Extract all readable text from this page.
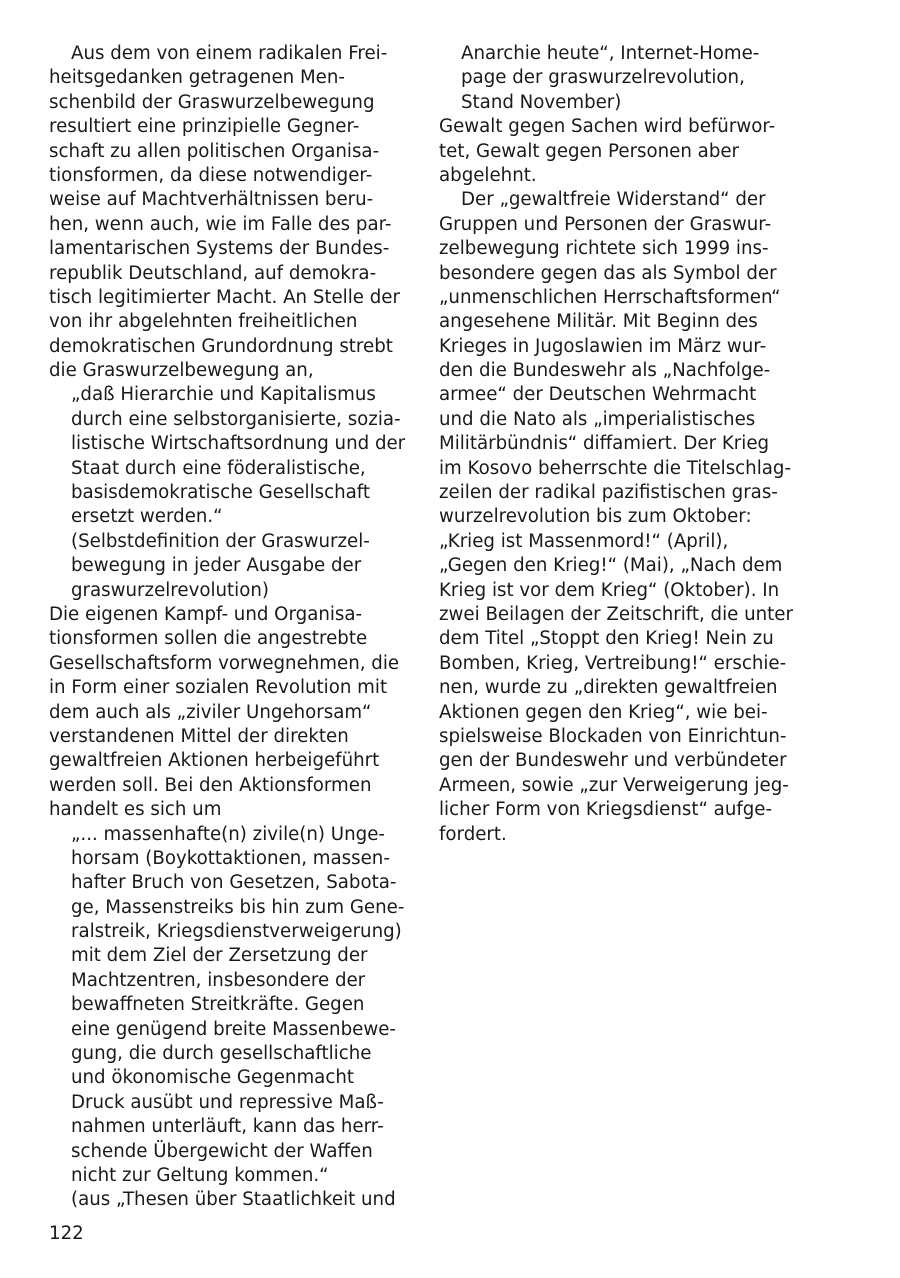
Aus dem von einem radikalen Frei-
heitsgedanken getragenen Men-
schenbild der Graswurzelbewegung
resultiert eine prinzipielle Gegner-
schaft zu allen politischen Organisa-
tionsformen, da diese notwendiger-
weise auf Machtverhältnissen beru-
hen, wenn auch, wie im Falle des par-
lamentarischen Systems der Bundes-
republik Deutschland, auf demokra-
tisch legitimierter Macht. An Stelle der
von ihr abgelehnten freiheitlichen
demokratischen Grundordnung strebt
die Graswurzelbewegung an,
„daß Hierarchie und Kapitalismus
durch eine selbstorganisierte, sozia-
listische Wirtschaftsordnung und der
Staat durch eine föderalistische,
basisdemokratische Gesellschaft
ersetzt werden.“
(Selbstdefinition der Graswurzel-
bewegung in jeder Ausgabe der
graswurzelrevolution)
Die eigenen Kampf- und Organisa-
tionsformen sollen die angestrebte
Gesellschaftsform vorwegnehmen, die
in Form einer sozialen Revolution mit
dem auch als „ziviler Ungehorsam“
verstandenen Mittel der direkten
gewaltfreien Aktionen herbeigeführt
werden soll. Bei den Aktionsformen
handelt es sich um
„... massenhafte(n) zivile(n) Unge-
horsam (Boykottaktionen, massen-
hafter Bruch von Gesetzen, Sabota-
ge, Massenstreiks bis hin zum Gene-
ralstreik, Kriegsdienstverweigerung)
mit dem Ziel der Zersetzung der
Machtzentren, insbesondere der
bewaffneten Streitkräfte. Gegen
eine genügend breite Massenbewe-
gung, die durch gesellschaftliche
und ökonomische Gegenmacht
Druck ausübt und repressive Maß-
nahmen unterläuft, kann das herr-
schende Übergewicht der Waffen
nicht zur Geltung kommen.“
(aus „Thesen über Staatlichkeit und
Anarchie heute“, Internet-Home-
page der graswurzelrevolution,
Stand November)
Gewalt gegen Sachen wird befürwor-
tet, Gewalt gegen Personen aber
abgelehnt.
Der „gewaltfreie Widerstand“ der
Gruppen und Personen der Graswur-
zelbewegung richtete sich 1999 ins-
besondere gegen das als Symbol der
„unmenschlichen Herrschaftsformen“
angesehene Militär. Mit Beginn des
Krieges in Jugoslawien im März wur-
den die Bundeswehr als „Nachfolge-
armee“ der Deutschen Wehrmacht
und die Nato als „imperialistisches
Militärbündnis“ diffamiert. Der Krieg
im Kosovo beherrschte die Titelschlag-
zeilen der radikal pazifistischen gras-
wurzelrevolution bis zum Oktober:
„Krieg ist Massenmord!“ (April),
„Gegen den Krieg!“ (Mai), „Nach dem
Krieg ist vor dem Krieg“ (Oktober). In
zwei Beilagen der Zeitschrift, die unter
dem Titel „Stoppt den Krieg! Nein zu
Bomben, Krieg, Vertreibung!“ erschie-
nen, wurde zu „direkten gewaltfreien
Aktionen gegen den Krieg“, wie bei-
spielsweise Blockaden von Einrichtun-
gen der Bundeswehr und verbündeter
Armeen, sowie „zur Verweigerung jeg-
licher Form von Kriegsdienst“ aufge-
fordert.
122
